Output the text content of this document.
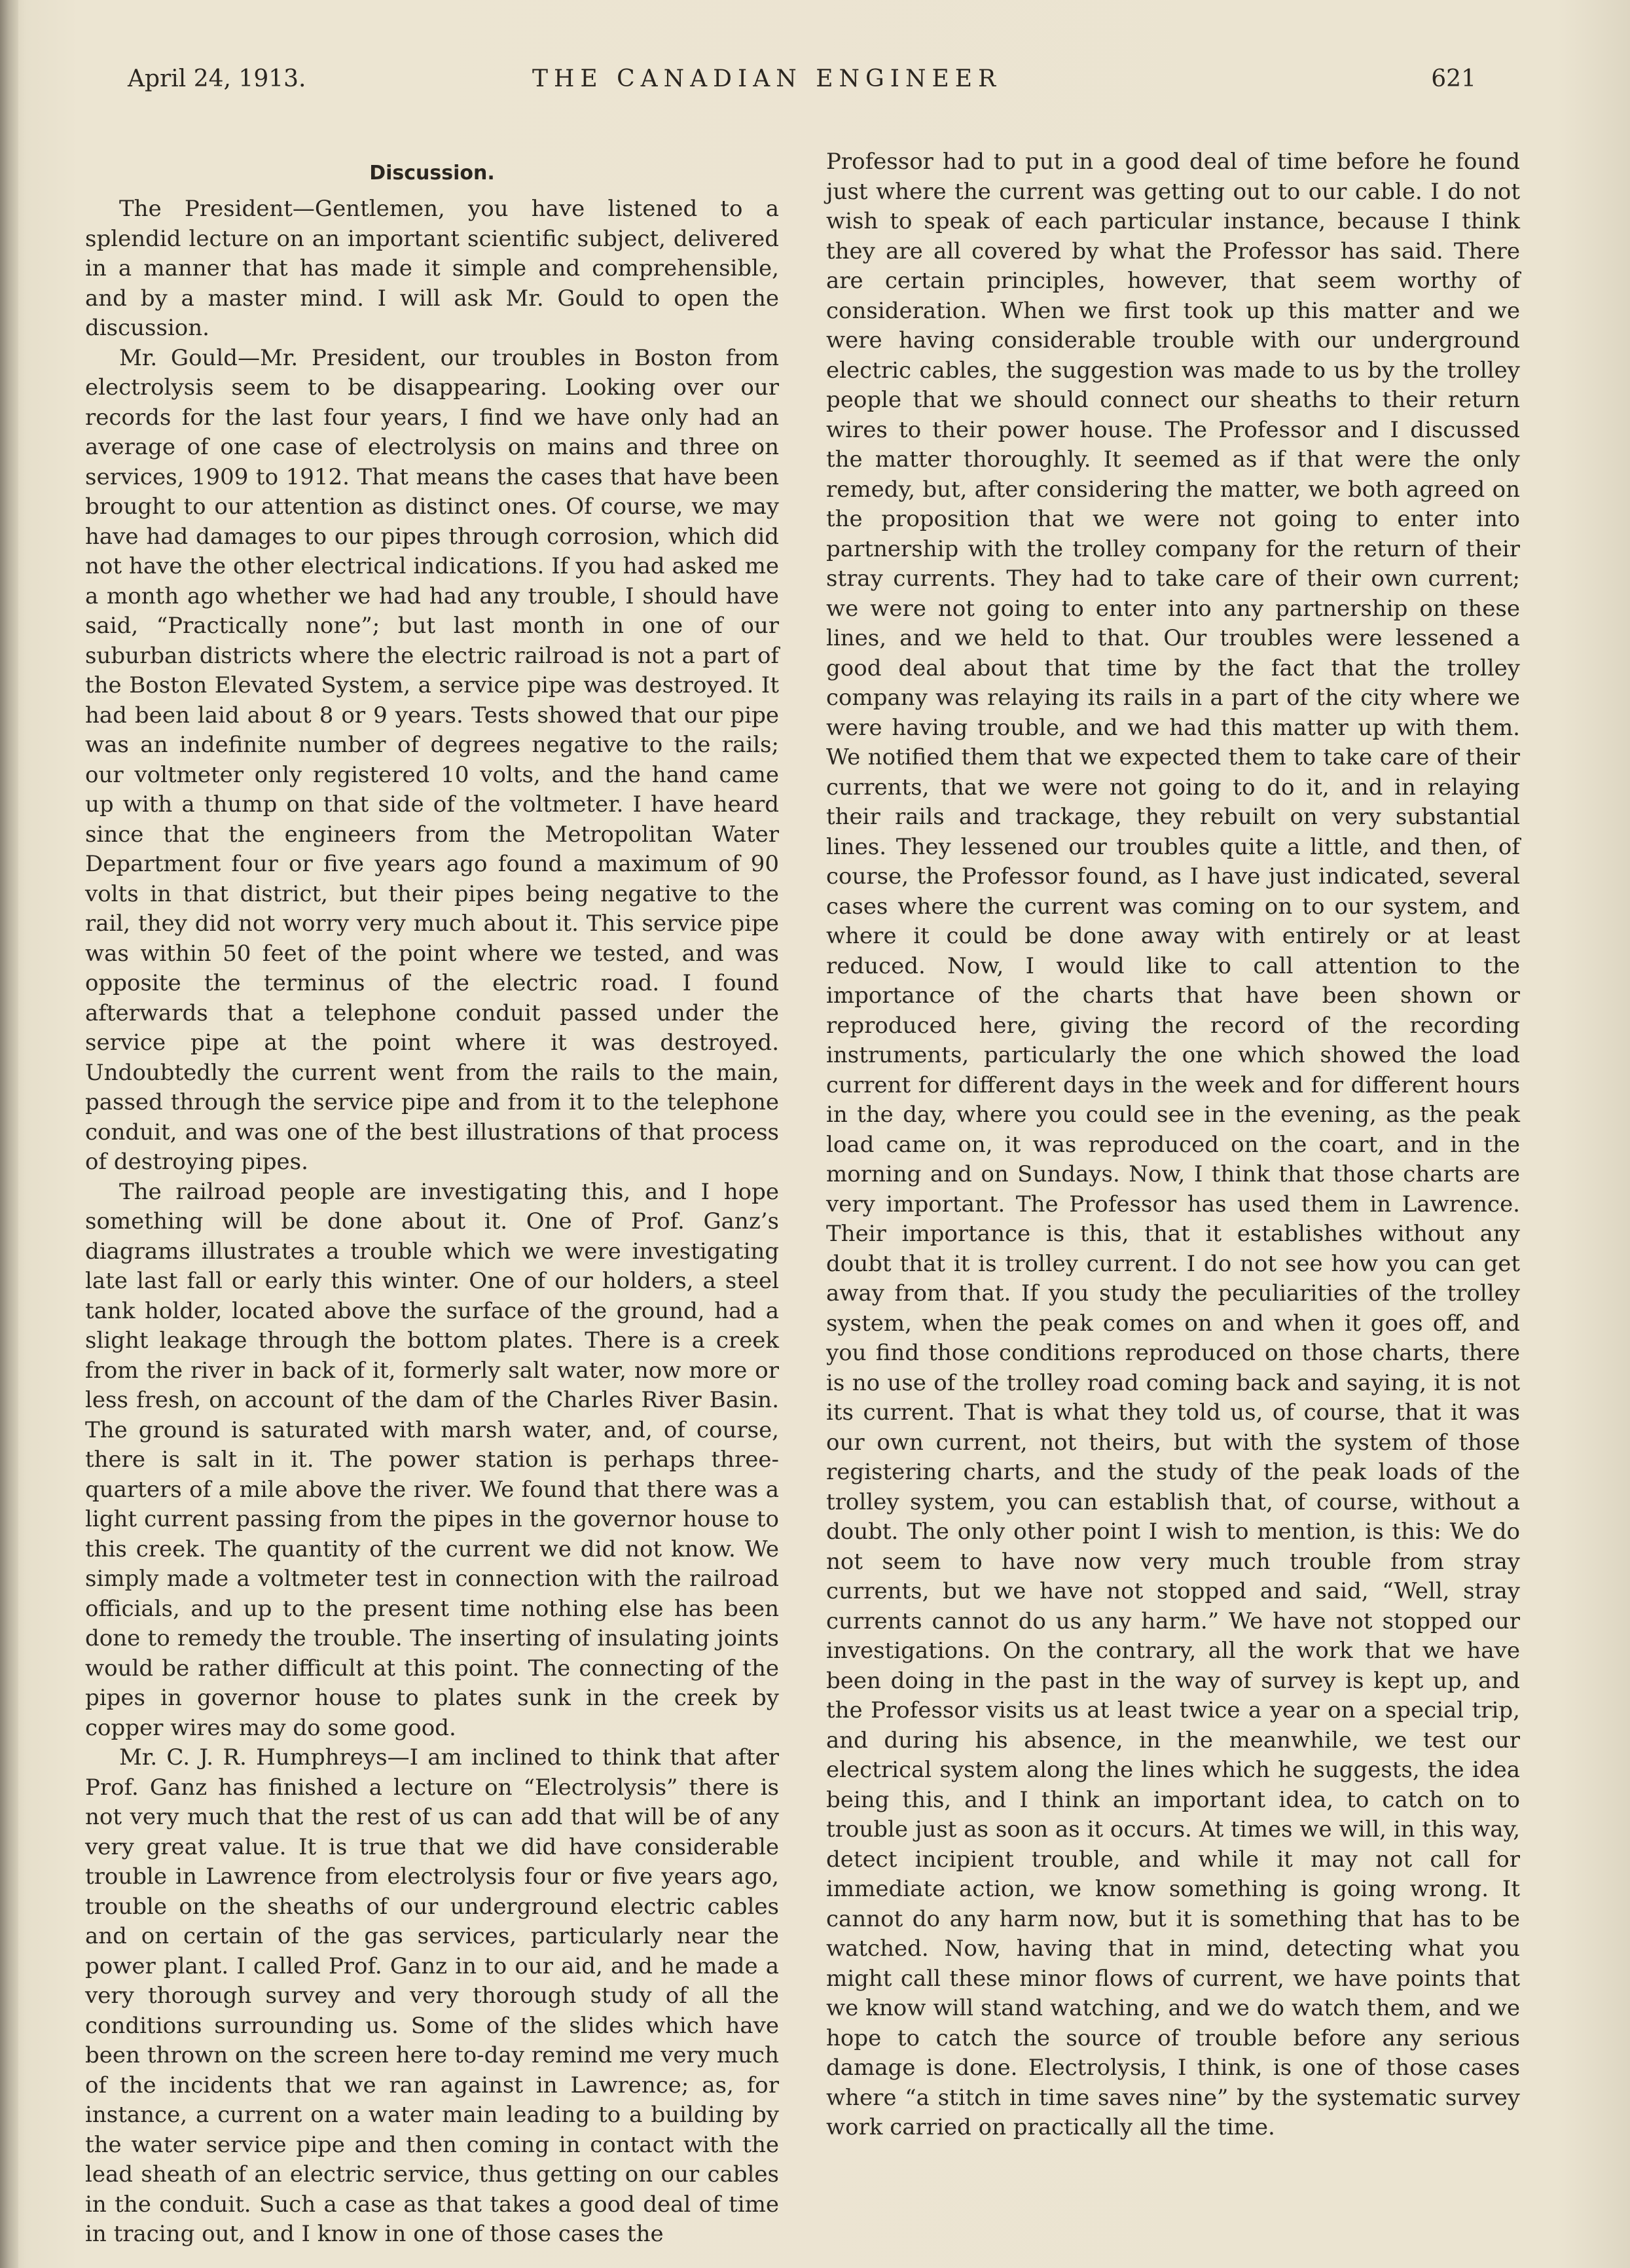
April 24, 1913.	THE CANADIAN ENGINEER	621
Discussion.

The President—Gentlemen, you have listened to a splendid lecture on an important scientific subject, delivered in a manner that has made it simple and comprehensible, and by a master mind. I will ask Mr. Gould to open the discussion.

Mr. Gould—Mr. President, our troubles in Boston from electrolysis seem to be disappearing. Looking over our records for the last four years, I find we have only had an average of one case of electrolysis on mains and three on services, 1909 to 1912. That means the cases that have been brought to our attention as distinct ones. Of course, we may have had damages to our pipes through corrosion, which did not have the other electrical indications. If you had asked me a month ago whether we had had any trouble, I should have said, “Practically none”; but last month in one of our suburban districts where the electric railroad is not a part of the Boston Elevated System, a service pipe was destroyed. It had been laid about 8 or 9 years. Tests showed that our pipe was an indefinite number of degrees negative to the rails; our voltmeter only registered 10 volts, and the hand came up with a thump on that side of the voltmeter. I have heard since that the engineers from the Metropolitan Water Department four or five years ago found a maximum of 90 volts in that district, but their pipes being negative to the rail, they did not worry very much about it. This service pipe was within 50 feet of the point where we tested, and was opposite the terminus of the electric road. I found afterwards that a telephone conduit passed under the service pipe at the point where it was destroyed. Undoubtedly the current went from the rails to the main, passed through the service pipe and from it to the telephone conduit, and was one of the best illustrations of that process of destroying pipes.

The railroad people are investigating this, and I hope something will be done about it. One of Prof. Ganz’s diagrams illustrates a trouble which we were investigating late last fall or early this winter. One of our holders, a steel tank holder, located above the surface of the ground, had a slight leakage through the bottom plates. There is a creek from the river in back of it, formerly salt water, now more or less fresh, on account of the dam of the Charles River Basin. The ground is saturated with marsh water, and, of course, there is salt in it. The power station is perhaps three-quarters of a mile above the river. We found that there was a light current passing from the pipes in the governor house to this creek. The quantity of the current we did not know. We simply made a voltmeter test in connection with the railroad officials, and up to the present time nothing else has been done to remedy the trouble. The inserting of insulating joints would be rather difficult at this point. The connecting of the pipes in governor house to plates sunk in the creek by copper wires may do some good.

Mr. C. J. R. Humphreys—I am inclined to think that after Prof. Ganz has finished a lecture on “Electrolysis” there is not very much that the rest of us can add that will be of any very great value. It is true that we did have considerable trouble in Lawrence from electrolysis four or five years ago, trouble on the sheaths of our underground electric cables and on certain of the gas services, particularly near the power plant. I called Prof. Ganz in to our aid, and he made a very thorough survey and very thorough study of all the conditions surrounding us. Some of the slides which have been thrown on the screen here to-day remind me very much of the incidents that we ran against in Lawrence; as, for instance, a current on a water main leading to a building by the water service pipe and then coming in contact with the lead sheath of an electric service, thus getting on our cables in the conduit. Such a case as that takes a good deal of time in tracing out, and I know in one of those cases the

Professor had to put in a good deal of time before he found just where the current was getting out to our cable. I do not wish to speak of each particular instance, because I think they are all covered by what the Professor has said. There are certain principles, however, that seem worthy of consideration. When we first took up this matter and we were having considerable trouble with our underground electric cables, the suggestion was made to us by the trolley people that we should connect our sheaths to their return wires to their power house. The Professor and I discussed the matter thoroughly. It seemed as if that were the only remedy, but, after considering the matter, we both agreed on the proposition that we were not going to enter into partnership with the trolley company for the return of their stray currents. They had to take care of their own current; we were not going to enter into any partnership on these lines, and we held to that. Our troubles were lessened a good deal about that time by the fact that the trolley company was relaying its rails in a part of the city where we were having trouble, and we had this matter up with them. We notified them that we expected them to take care of their currents, that we were not going to do it, and in relaying their rails and trackage, they rebuilt on very substantial lines. They lessened our troubles quite a little, and then, of course, the Professor found, as I have just indicated, several cases where the current was coming on to our system, and where it could be done away with entirely or at least reduced. Now, I would like to call attention to the importance of the charts that have been shown or reproduced here, giving the record of the recording instruments, particularly the one which showed the load current for different days in the week and for different hours in the day, where you could see in the evening, as the peak load came on, it was reproduced on the coart, and in the morning and on Sundays. Now, I think that those charts are very important. The Professor has used them in Lawrence. Their importance is this, that it establishes without any doubt that it is trolley current. I do not see how you can get away from that. If you study the peculiarities of the trolley system, when the peak comes on and when it goes off, and you find those conditions reproduced on those charts, there is no use of the trolley road coming back and saying, it is not its current. That is what they told us, of course, that it was our own current, not theirs, but with the system of those registering charts, and the study of the peak loads of the trolley system, you can establish that, of course, without a doubt. The only other point I wish to mention, is this: We do not seem to have now very much trouble from stray currents, but we have not stopped and said, “Well, stray currents cannot do us any harm.” We have not stopped our investigations. On the contrary, all the work that we have been doing in the past in the way of survey is kept up, and the Professor visits us at least twice a year on a special trip, and during his absence, in the meanwhile, we test our electrical system along the lines which he suggests, the idea being this, and I think an important idea, to catch on to trouble just as soon as it occurs. At times we will, in this way, detect incipient trouble, and while it may not call for immediate action, we know something is going wrong. It cannot do any harm now, but it is something that has to be watched. Now, having that in mind, detecting what you might call these minor flows of current, we have points that we know will stand watching, and we do watch them, and we hope to catch the source of trouble before any serious damage is done. Electrolysis, I think, is one of those cases where “a stitch in time saves nine” by the systematic survey work carried on practically all the time.
